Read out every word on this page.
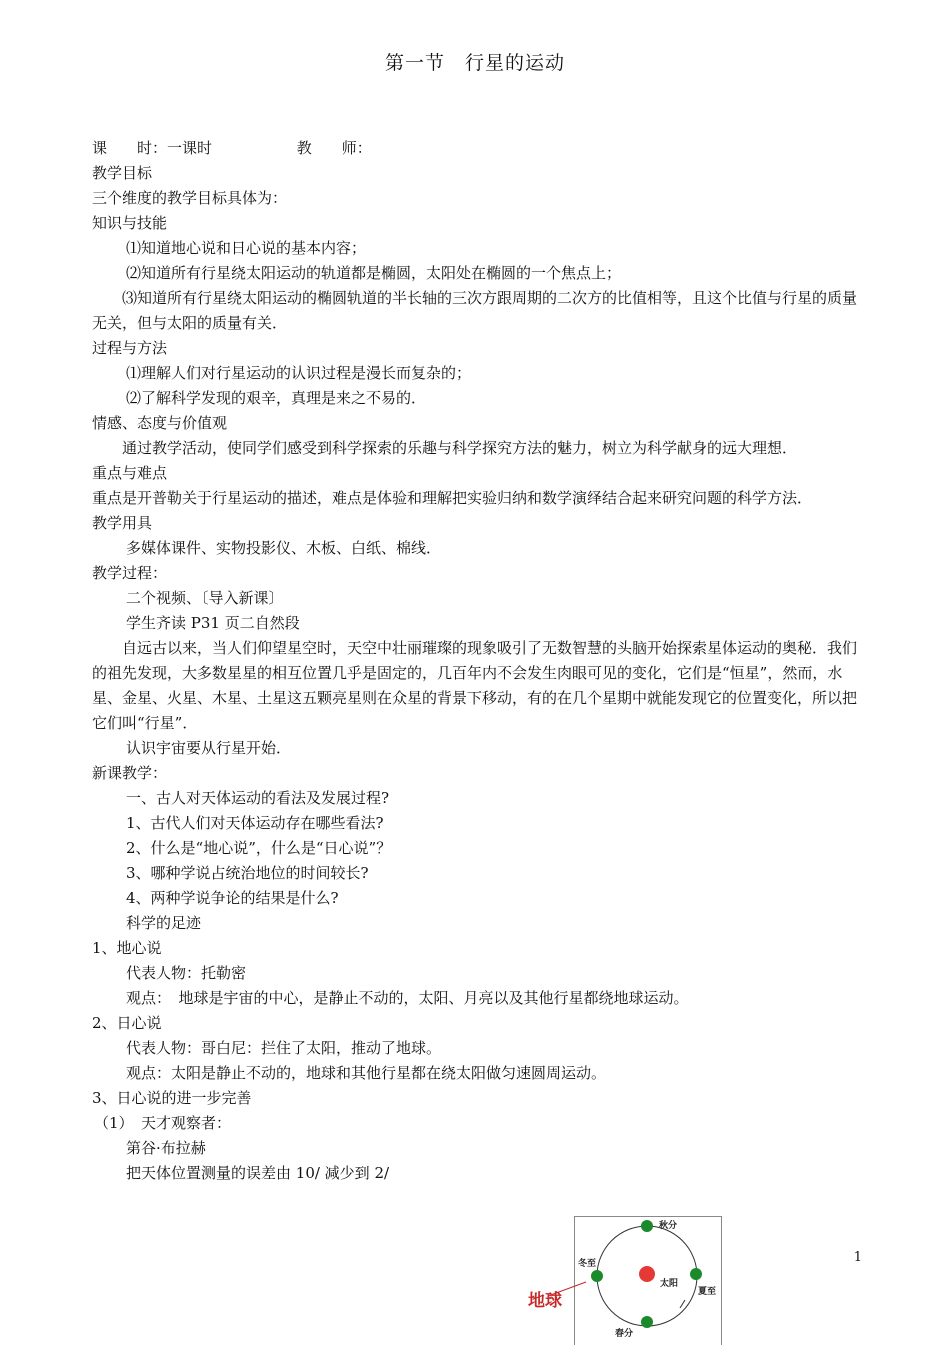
第一节　行星的运动
课　　时：一课时	教　　师：
教学目标
三个维度的教学目标具体为：
知识与技能
⑴知道地心说和日心说的基本内容；
⑵知道所有行星绕太阳运动的轨道都是椭圆，太阳处在椭圆的一个焦点上；
⑶知道所有行星绕太阳运动的椭圆轨道的半长轴的三次方跟周期的二次方的比值相等，且这个比值与行星的质量无关，但与太阳的质量有关．
过程与方法
⑴理解人们对行星运动的认识过程是漫长而复杂的；
⑵了解科学发现的艰辛，真理是来之不易的．
情感、态度与价值观
通过教学活动，使同学们感受到科学探索的乐趣与科学探究方法的魅力，树立为科学献身的远大理想．
重点与难点
重点是开普勒关于行星运动的描述，难点是体验和理解把实验归纳和数学演绎结合起来研究问题的科学方法．
教学用具
多媒体课件、实物投影仪、木板、白纸、棉线．
教学过程：
二个视频、〔导入新课〕
学生齐读 P31 页二自然段
自远古以来，当人们仰望星空时，天空中壮丽璀璨的现象吸引了无数智慧的头脑开始探索星体运动的奥秘．我们的祖先发现，大多数星星的相互位置几乎是固定的，几百年内不会发生肉眼可见的变化，它们是“恒星”，然而，水星、金星、火星、木星、土星这五颗亮星则在众星的背景下移动，有的在几个星期中就能发现它的位置变化，所以把它们叫“行星”．
认识宇宙要从行星开始．
新课教学：
一、古人对天体运动的看法及发展过程?
1、古代人们对天体运动存在哪些看法?
2、什么是“地心说”，什么是“日心说”？
3、哪种学说占统治地位的时间较长?
4、两种学说争论的结果是什么?
科学的足迹
1、地心说
代表人物：托勒密
观点：　地球是宇宙的中心，是静止不动的，太阳、月亮以及其他行星都绕地球运动。
2、日心说
代表人物：哥白尼：拦住了太阳，推动了地球。
观点：太阳是静止不动的，地球和其他行星都在绕太阳做匀速圆周运动。
3、日心说的进一步完善
（1）　天才观察者：
第谷·布拉赫
把天体位置测量的误差由 10/ 减少到 2/
地球
秋分
冬至
太阳
夏至
春分
1
